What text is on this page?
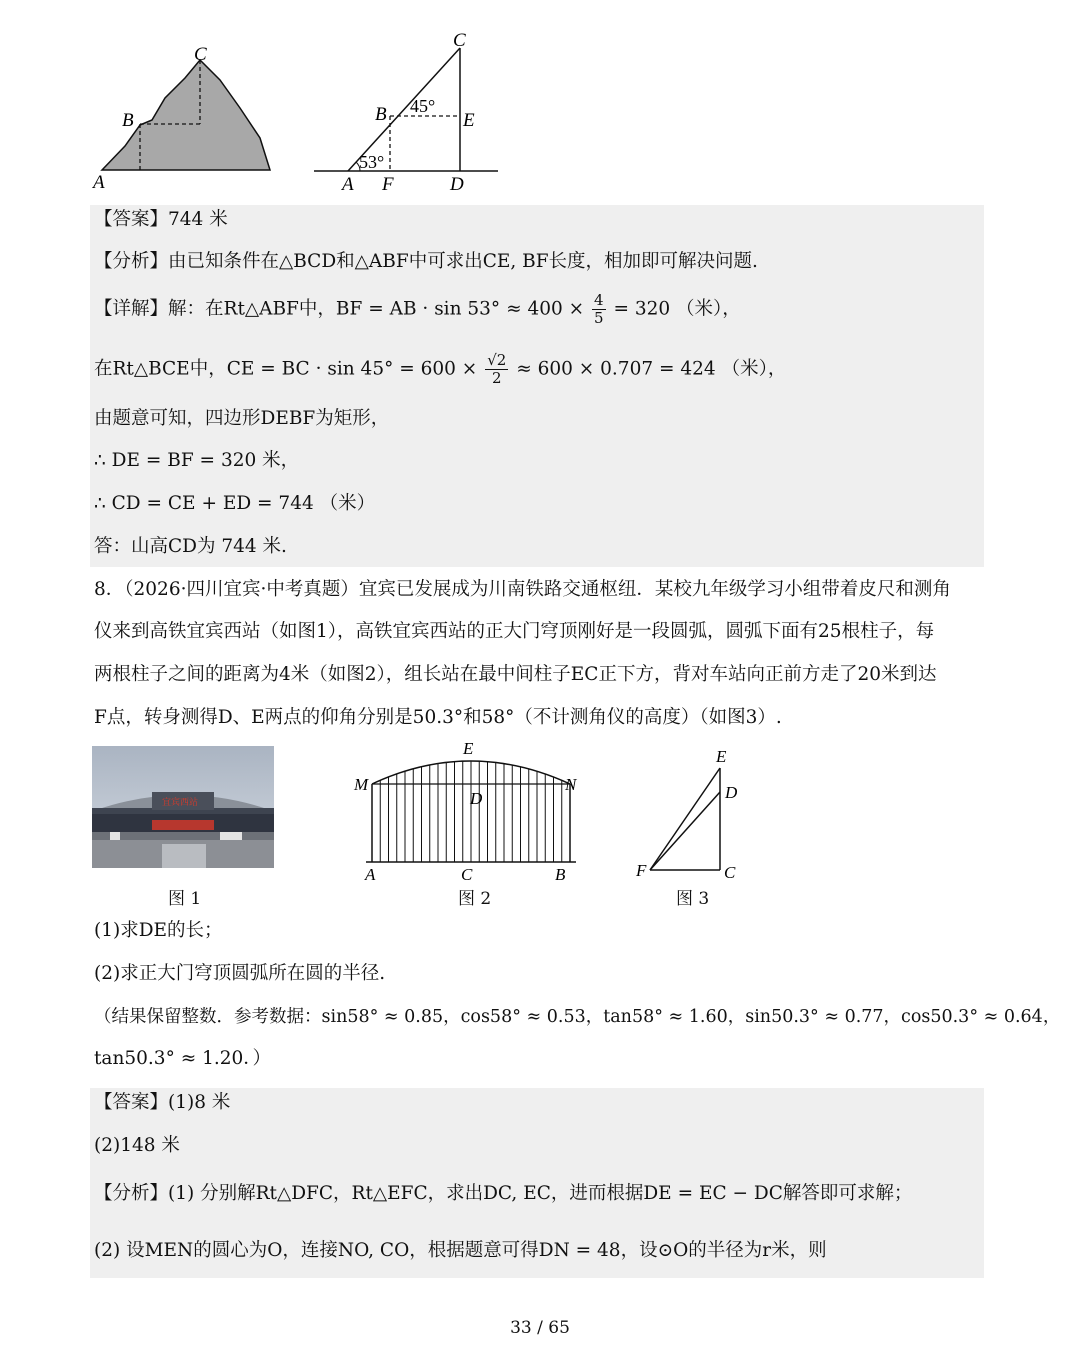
C
B
A
C
B	E
45°
53°
A F	D
【答案】744 米
【分析】由已知条件在△BCD和△ABF中可求出CE, BF长度，相加即可解决问题.
【详解】解：在Rt△ABF中，BF = AB · $\sin 53^\circ \approx 400 \times \frac{4}{5} = 320$ （米），
在Rt△BCE中，CE = BC · $\sin 45^\circ = 600 \times \frac{√2}{2} \approx 600 \times 0.707 = 424$ （米），
由题意可知，四边形DEBF为矩形，
∴ DE = BF = 320 米，
∴ CD = CE + ED = 744 （米）
答：山高CD为 744 米.
8．（2026·四川宜宾·中考真题）宜宾已发展成为川南铁路交通枢纽．某校九年级学习小组带着皮尺和测角
仪来到高铁宜宾西站（如图1），高铁宜宾西站的正大门穹顶刚好是一段圆弧，圆弧下面有25根柱子，每
两根柱子之间的距离为4米（如图2），组长站在最中间柱子EC正下方，背对车站向正前方走了20米到达
F点，转身测得D、E两点的仰角分别是50.3°和58°（不计测角仪的高度）（如图3）.
宜宾西站
图 1
E
M	N
D
A	C	B
图 2
E
D
F	C
图 3
(1)求DE的长；
(2)求正大门穹顶圆弧所在圆的半径.
（结果保留整数．参考数据：sin58° ≈ 0.85，cos58° ≈ 0.53，tan58° ≈ 1.60，sin50.3° ≈ 0.77，cos50.3° ≈ 0.64，
tan50.3° ≈ 1.20．）
【答案】(1)8 米
(2)148 米
【分析】(1) 分别解Rt△DFC，Rt△EFC，求出DC, EC，进而根据DE = EC − DC解答即可求解；
(2) 设MEN的圆心为O，连接NO, CO，根据题意可得DN = 48，设⊙O的半径为r米，则
33 / 65
